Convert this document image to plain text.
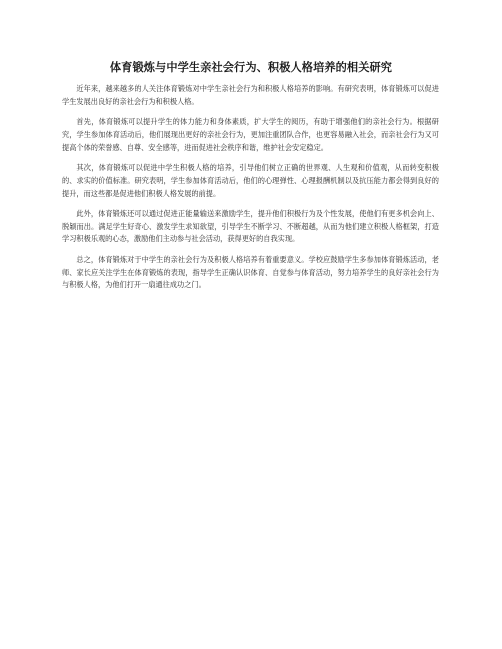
体育锻炼与中学生亲社会行为、积极人格培养的相关研究

近年来，越来越多的人关注体育锻炼对中学生亲社会行为和积极人格培养的影响。有研究表明，体育锻炼可以促进学生发展出良好的亲社会行为和积极人格。

首先，体育锻炼可以提升学生的体力能力和身体素质，扩大学生的阅历，有助于增强他们的亲社会行为。根据研究，学生参加体育活动后，他们展现出更好的亲社会行为，更加注重团队合作，也更容易融入社会，而亲社会行为又可提高个体的荣誉感、自尊、安全感等，进而促进社会秩序和谐，维护社会安定稳定。

其次，体育锻炼可以促进中学生积极人格的培养，引导他们树立正确的世界观、人生观和价值观，从而转变积极的、求实的价值标准。研究表明，学生参加体育活动后，他们的心理弹性、心理报酬机制以及抗压能力都会得到良好的提升，而这些都是促进他们积极人格发展的前提。

此外，体育锻炼还可以通过促进正能量输送来激励学生，提升他们积极行为及个性发展，使他们有更多机会向上、脱颖而出。满足学生好奇心、激发学生求知欲望，引导学生不断学习、不断超越，从而为他们建立积极人格框架，打造学习积极乐观的心态，激励他们主动参与社会活动，获得更好的自我实现。

总之，体育锻炼对于中学生的亲社会行为及积极人格培养有着重要意义。学校应鼓励学生多参加体育锻炼活动，老师、家长应关注学生在体育锻炼的表现，指导学生正确认识体育、自觉参与体育活动，努力培养学生的良好亲社会行为与积极人格，为他们打开一扇通往成功之门。
